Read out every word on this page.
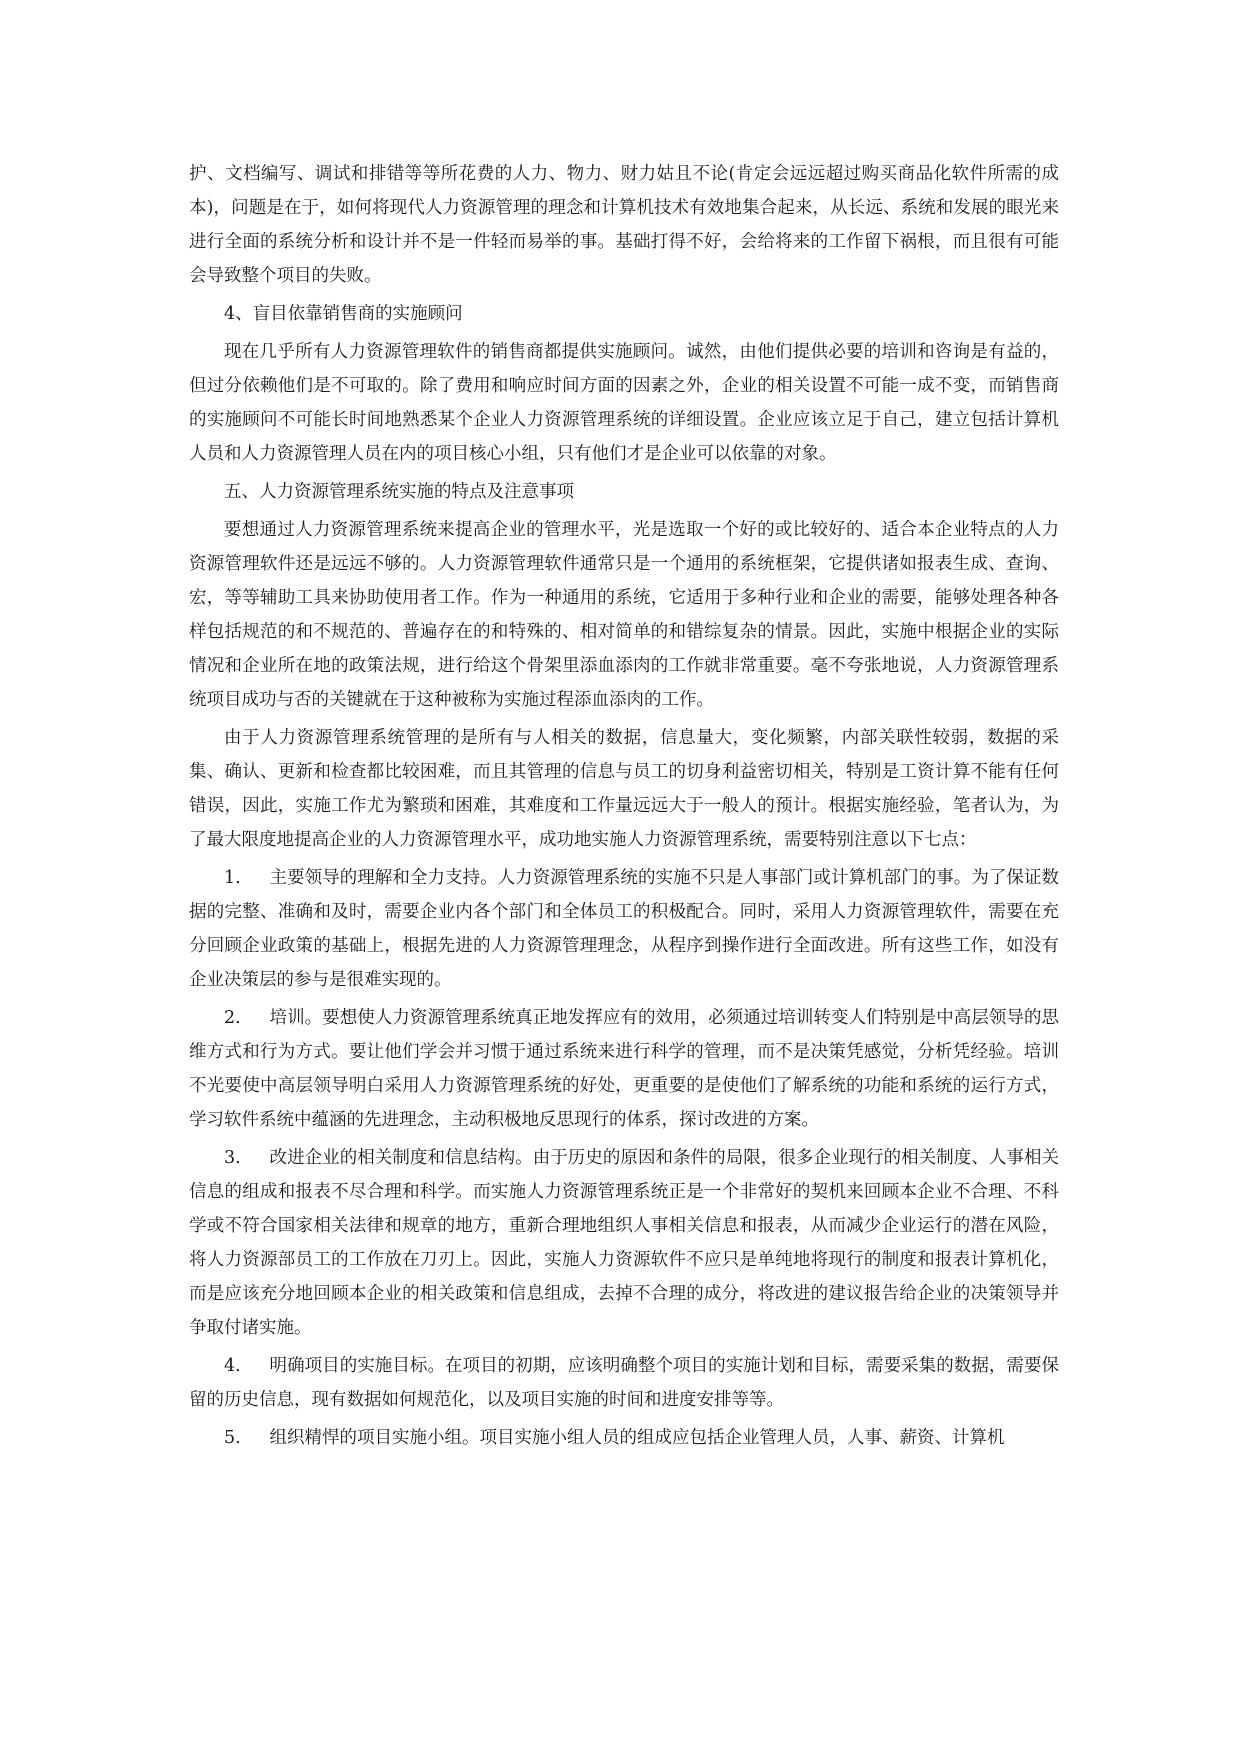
护、文档编写、调试和排错等等所花费的人力、物力、财力姑且不论(肯定会远远超过购买商品化软件所需的成本)，问题是在于，如何将现代人力资源管理的理念和计算机技术有效地集合起来，从长远、系统和发展的眼光来进行全面的系统分析和设计并不是一件轻而易举的事。基础打得不好，会给将来的工作留下祸根，而且很有可能会导致整个项目的失败。

4、盲目依靠销售商的实施顾问

现在几乎所有人力资源管理软件的销售商都提供实施顾问。诚然，由他们提供必要的培训和咨询是有益的，但过分依赖他们是不可取的。除了费用和响应时间方面的因素之外，企业的相关设置不可能一成不变，而销售商的实施顾问不可能长时间地熟悉某个企业人力资源管理系统的详细设置。企业应该立足于自己，建立包括计算机人员和人力资源管理人员在内的项目核心小组，只有他们才是企业可以依靠的对象。

五、人力资源管理系统实施的特点及注意事项

要想通过人力资源管理系统来提高企业的管理水平，光是选取一个好的或比较好的、适合本企业特点的人力资源管理软件还是远远不够的。人力资源管理软件通常只是一个通用的系统框架，它提供诸如报表生成、查询、宏，等等辅助工具来协助使用者工作。作为一种通用的系统，它适用于多种行业和企业的需要，能够处理各种各样包括规范的和不规范的、普遍存在的和特殊的、相对简单的和错综复杂的情景。因此，实施中根据企业的实际情况和企业所在地的政策法规，进行给这个骨架里添血添肉的工作就非常重要。毫不夸张地说，人力资源管理系统项目成功与否的关键就在于这种被称为实施过程添血添肉的工作。

由于人力资源管理系统管理的是所有与人相关的数据，信息量大，变化频繁，内部关联性较弱，数据的采集、确认、更新和检查都比较困难，而且其管理的信息与员工的切身利益密切相关，特别是工资计算不能有任何错误，因此，实施工作尤为繁琐和困难，其难度和工作量远远大于一般人的预计。根据实施经验，笔者认为，为了最大限度地提高企业的人力资源管理水平，成功地实施人力资源管理系统，需要特别注意以下七点：

1. 主要领导的理解和全力支持。人力资源管理系统的实施不只是人事部门或计算机部门的事。为了保证数据的完整、准确和及时，需要企业内各个部门和全体员工的积极配合。同时，采用人力资源管理软件，需要在充分回顾企业政策的基础上，根据先进的人力资源管理理念，从程序到操作进行全面改进。所有这些工作，如没有企业决策层的参与是很难实现的。

2. 培训。要想使人力资源管理系统真正地发挥应有的效用，必须通过培训转变人们特别是中高层领导的思维方式和行为方式。要让他们学会并习惯于通过系统来进行科学的管理，而不是决策凭感觉，分析凭经验。培训不光要使中高层领导明白采用人力资源管理系统的好处，更重要的是使他们了解系统的功能和系统的运行方式，学习软件系统中蕴涵的先进理念，主动积极地反思现行的体系，探讨改进的方案。

3. 改进企业的相关制度和信息结构。由于历史的原因和条件的局限，很多企业现行的相关制度、人事相关信息的组成和报表不尽合理和科学。而实施人力资源管理系统正是一个非常好的契机来回顾本企业不合理、不科学或不符合国家相关法律和规章的地方，重新合理地组织人事相关信息和报表，从而减少企业运行的潜在风险，将人力资源部员工的工作放在刀刃上。因此，实施人力资源软件不应只是单纯地将现行的制度和报表计算机化，而是应该充分地回顾本企业的相关政策和信息组成，去掉不合理的成分，将改进的建议报告给企业的决策领导并争取付诸实施。

4. 明确项目的实施目标。在项目的初期，应该明确整个项目的实施计划和目标，需要采集的数据，需要保留的历史信息，现有数据如何规范化，以及项目实施的时间和进度安排等等。

5. 组织精悍的项目实施小组。项目实施小组人员的组成应包括企业管理人员，人事、薪资、计算机
